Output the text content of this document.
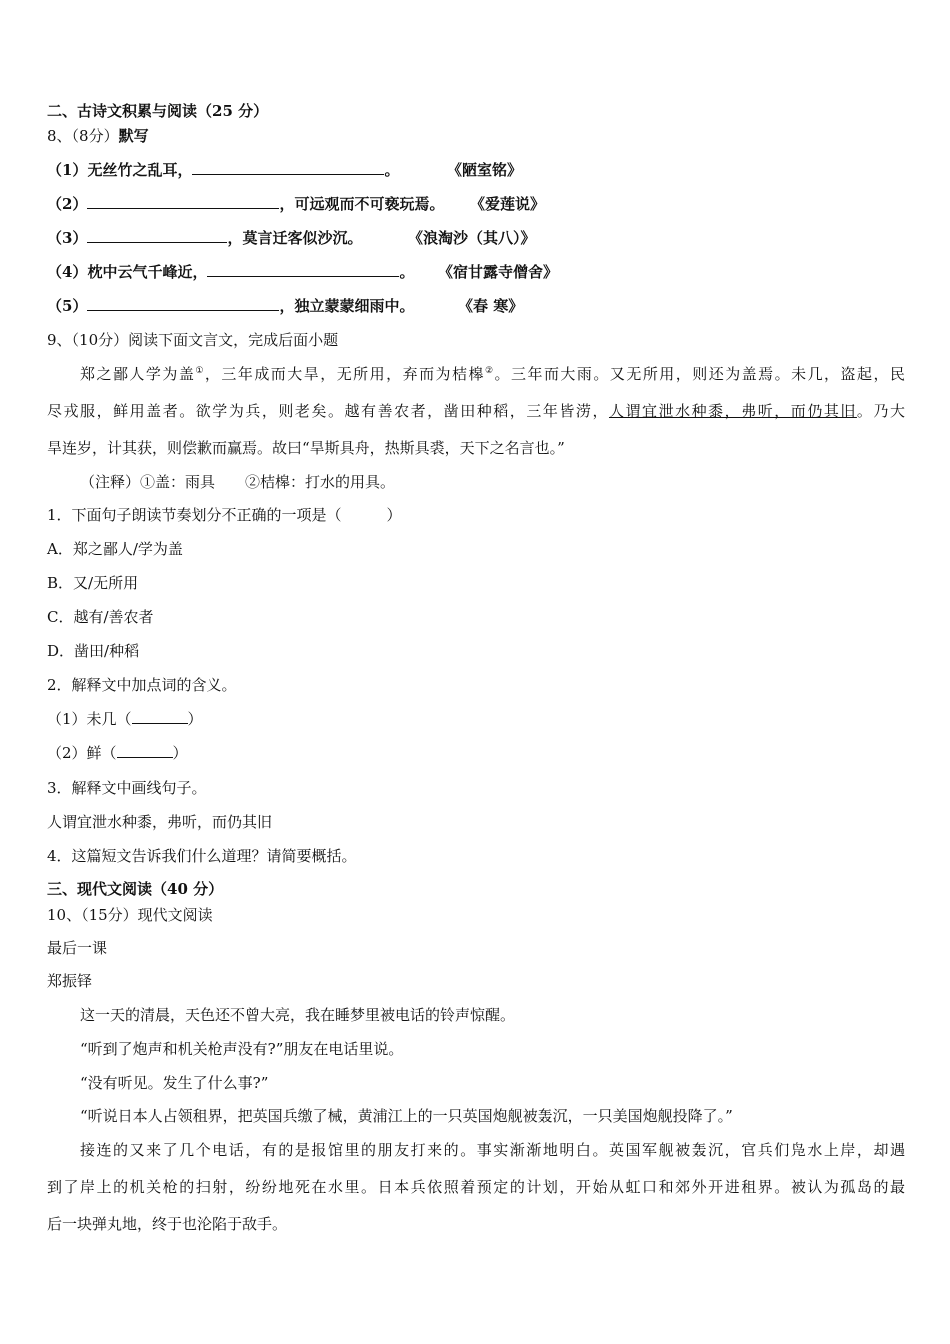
二、古诗文积累与阅读（25 分）
8、（8分）默写
（1）无丝竹之乱耳，	。	《陋室铭》
（2）	，可远观而不可亵玩焉。 《爱莲说》
（3）	，莫言迁客似沙沉。	《浪淘沙（其八）》
（4）枕中云气千峰近，	。 《宿甘露寺僧舍》
（5）	，独立蒙蒙细雨中。	《春 寒》
9、（10分）阅读下面文言文，完成后面小题
郑之鄙人学为盖①，三年成而大旱，无所用，弃而为桔槔②。三年而大雨。又无所用，则还为盖焉。未几，盗起，民
尽戎服，鲜用盖者。欲学为兵，则老矣。越有善农者，凿田种稻，三年皆涝，人谓宜泄水种黍，弗听，而仍其旧。乃大
旱连岁，计其获，则偿歉而赢焉。故曰“旱斯具舟，热斯具裘，天下之名言也。”
（注释）①盖：雨具　　②桔槔：打水的用具。
1．下面句子朗读节奏划分不正确的一项是（　　　）
A．郑之鄙人/学为盖
B．又/无所用
C．越有/善农者
D．凿田/种稻
2．解释文中加点词的含义。
（1）未几（	）
（2）鲜（	）
3．解释文中画线句子。
人谓宜泄水种黍，弗听，而仍其旧
4．这篇短文告诉我们什么道理？请简要概括。
三、现代文阅读（40 分）
10、（15分）现代文阅读
最后一课
郑振铎
这一天的清晨，天色还不曾大亮，我在睡梦里被电话的铃声惊醒。
“听到了炮声和机关枪声没有?”朋友在电话里说。
“没有听见。发生了什么事?”
“听说日本人占领租界，把英国兵缴了械，黄浦江上的一只英国炮舰被轰沉，一只美国炮舰投降了。”
接连的又来了几个电话，有的是报馆里的朋友打来的。事实渐渐地明白。英国军舰被轰沉，官兵们凫水上岸，却遇
到了岸上的机关枪的扫射，纷纷地死在水里。日本兵依照着预定的计划，开始从虹口和郊外开进租界。被认为孤岛的最
后一块弹丸地，终于也沦陷于敌手。
